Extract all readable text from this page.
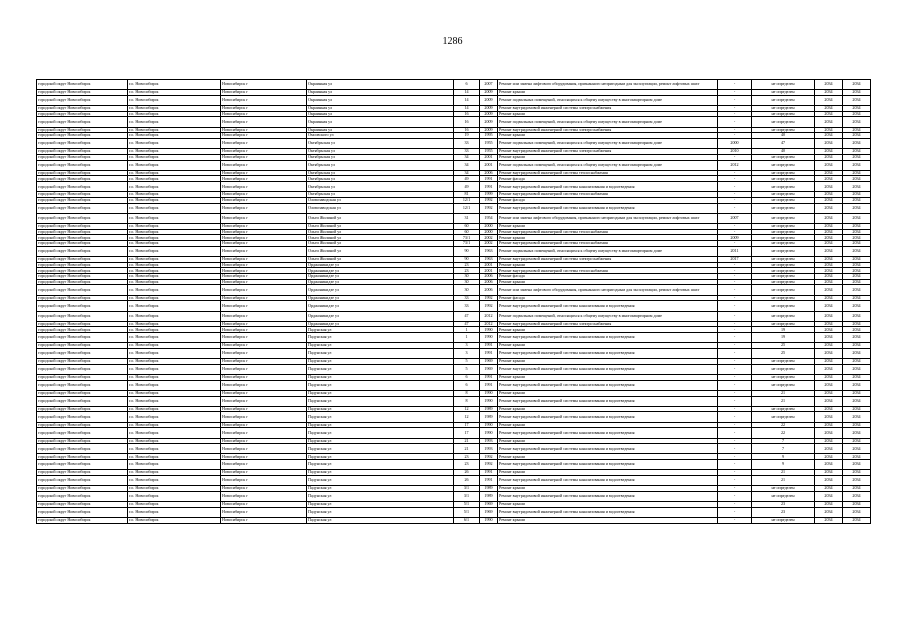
1286
городской округ Новосибирск	г.о. Новосибирск	Новосибирск г	Окраинная ул	6	2007	Ремонт или замена лифтового оборудования, признанного непригодным для эксплуатации, ремонт лифтовых шахт	-	не определен	2034	2034
городской округ Новосибирск	г.о. Новосибирск	Новосибирск г	Окраинная ул	14	2009	Ремонт крыши	-	не определен	2034	2034
городской округ Новосибирск	г.о. Новосибирск	Новосибирск г	Окраинная ул	14	2009	Ремонт подвальных помещений, относящихся к общему имуществу в многоквартирном доме	-	не определен	2034	2034
городской округ Новосибирск	г.о. Новосибирск	Новосибирск г	Окраинная ул	14	2009	Ремонт внутридомовой инженерной системы электроснабжения	-	не определен	2034	2034
городской округ Новосибирск	г.о. Новосибирск	Новосибирск г	Окраинная ул	16	2009	Ремонт крыши	-	не определен	2034	2034
городской округ Новосибирск	г.о. Новосибирск	Новосибирск г	Окраинная ул	16	2009	Ремонт подвальных помещений, относящихся к общему имуществу в многоквартирном доме	-	не определен	2034	2034
городской округ Новосибирск	г.о. Новосибирск	Новосибирск г	Окраинная ул	16	2009	Ремонт внутридомовой инженерной системы электроснабжения	-	не определен	2034	2034
городской округ Новосибирск	г.о. Новосибирск	Новосибирск г	Омсовского ул	19	1995	Ремонт крыши	-	40	2034	2034
городской округ Новосибирск	г.о. Новосибирск	Новосибирск г	Октябрьская ул	33	1955	Ремонт подвальных помещений, относящихся к общему имуществу в многоквартирном доме	2000	47	2034	2034
городской округ Новосибирск	г.о. Новосибирск	Новосибирск г	Октябрьская ул	33	1955	Ремонт внутридомовой инженерной системы электроснабжения	2010	40	2034	2034
городской округ Новосибирск	г.о. Новосибирск	Новосибирск г	Октябрьская ул	34	2001	Ремонт крыши	-	не определен	2034	2034
городской округ Новосибирск	г.о. Новосибирск	Новосибирск г	Октябрьская ул	34	2001	Ремонт подвальных помещений, относящихся к общему имуществу в многоквартирном доме	2012	не определен	2034	2034
городской округ Новосибирск	г.о. Новосибирск	Новосибирск г	Октябрьская ул	34	2006	Ремонт внутридомовой инженерной системы теплоснабжения	-	не определен	2034	2034
городской округ Новосибирск	г.о. Новосибирск	Новосибирск г	Октябрьская ул	49	1991	Ремонт фасада	-	не определен	2034	2034
городской округ Новосибирск	г.о. Новосибирск	Новосибирск г	Октябрьская ул	49	1991	Ремонт внутридомовой инженерной системы канализования и водоотведения	-	не определен	2034	2034
городской округ Новосибирск	г.о. Новосибирск	Новосибирск г	Октябрьская ул	81	1999	Ремонт внутридомовой инженерной системы теплоснабжения	-	не определен	2034	2034
городской округ Новосибирск	г.о. Новосибирск	Новосибирск г	Оловозаводская ул	12/1	1992	Ремонт фасада	-	не определен	2034	2034
городской округ Новосибирск	г.о. Новосибирск	Новосибирск г	Оловозаводская ул	12/1	1992	Ремонт внутридомовой инженерной системы канализования и водоотведения	-	не определен	2034	2034
городской округ Новосибирск	г.о. Новосибирск	Новосибирск г	Ольги Жилиной ул	31	1954	Ремонт или замена лифтового оборудования, признанного непригодным для эксплуатации, ремонт лифтовых шахт	2007	не определен	2034	2034
городской округ Новосибирск	г.о. Новосибирск	Новосибирск г	Ольги Жилиной ул	60	2000	Ремонт крыши	-	не определен	2034	2034
городской округ Новосибирск	г.о. Новосибирск	Новосибирск г	Ольги Жилиной ул	60	2000	Ремонт внутридомовой инженерной системы теплоснабжения	-	не определен	2034	2034
городской округ Новосибирск	г.о. Новосибирск	Новосибирск г	Ольги Жилиной ул	73/1	2002	Ремонт крыши	2009	не определен	2034	2034
городской округ Новосибирск	г.о. Новосибирск	Новосибирск г	Ольги Жилиной ул	73/1	2002	Ремонт внутридомовой инженерной системы теплоснабжения	-	не определен	2034	2034
городской округ Новосибирск	г.о. Новосибирск	Новосибирск г	Ольги Жилиной ул	90	1963	Ремонт подвальных помещений, относящихся к общему имуществу в многоквартирном доме	2011	не определен	2034	2034
городской округ Новосибирск	г.о. Новосибирск	Новосибирск г	Ольги Жилиной ул	90	1963	Ремонт внутридомовой инженерной системы электроснабжения	2017	не определен	2034	2034
городской округ Новосибирск	г.о. Новосибирск	Новосибирск г	Орджоникидзе ул	23	2001	Ремонт крыши	-	не определен	2034	2034
городской округ Новосибирск	г.о. Новосибирск	Новосибирск г	Орджоникидзе ул	23	2001	Ремонт внутридомовой инженерной системы теплоснабжения	-	не определен	2034	2034
городской округ Новосибирск	г.о. Новосибирск	Новосибирск г	Орджоникидзе ул	30	2006	Ремонт фасада	-	не определен	2034	2034
городской округ Новосибирск	г.о. Новосибирск	Новосибирск г	Орджоникидзе ул	30	2006	Ремонт крыши	-	не определен	2034	2034
городской округ Новосибирск	г.о. Новосибирск	Новосибирск г	Орджоникидзе ул	30	2006	Ремонт или замена лифтового оборудования, признанного непригодным для эксплуатации, ремонт лифтовых шахт	-	не определен	2034	2034
городской округ Новосибирск	г.о. Новосибирск	Новосибирск г	Орджоникидзе ул	33	1992	Ремонт фасада	-	не определен	2034	2034
городской округ Новосибирск	г.о. Новосибирск	Новосибирск г	Орджоникидзе ул	33	1992	Ремонт внутридомовой инженерной системы канализования и водоотведения	-	не определен	2034	2034
городской округ Новосибирск	г.о. Новосибирск	Новосибирск г	Орджоникидзе ул	47	2012	Ремонт подвальных помещений, относящихся к общему имуществу в многоквартирном доме	-	не определен	2034	2034
городской округ Новосибирск	г.о. Новосибирск	Новосибирск г	Орджоникидзе ул	47	2012	Ремонт внутридомовой инженерной системы электроснабжения	-	не определен	2034	2034
городской округ Новосибирск	г.о. Новосибирск	Новосибирск г	Падунская ул	1	1990	Ремонт крыши	-	19	2034	2034
городской округ Новосибирск	г.о. Новосибирск	Новосибирск г	Падунская ул	1	1990	Ремонт внутридомовой инженерной системы канализования и водоотведения	-	19	2034	2034
городской округ Новосибирск	г.о. Новосибирск	Новосибирск г	Падунская ул	3	1991	Ремонт крыши	-	25	2034	2034
городской округ Новосибирск	г.о. Новосибирск	Новосибирск г	Падунская ул	3	1991	Ремонт внутридомовой инженерной системы канализования и водоотведения	-	25	2034	2034
городской округ Новосибирск	г.о. Новосибирск	Новосибирск г	Падунская ул	5	1969	Ремонт крыши	-	не определен	2034	2034
городской округ Новосибирск	г.о. Новосибирск	Новосибирск г	Падунская ул	5	1969	Ремонт внутридомовой инженерной системы канализования и водоотведения	-	не определен	2034	2034
городской округ Новосибирск	г.о. Новосибирск	Новосибирск г	Падунская ул	6	1991	Ремонт крыши	-	не определен	2034	2034
городской округ Новосибирск	г.о. Новосибирск	Новосибирск г	Падунская ул	6	1991	Ремонт внутридомовой инженерной системы канализования и водоотведения	-	не определен	2034	2034
городской округ Новосибирск	г.о. Новосибирск	Новосибирск г	Падунская ул	8	1990	Ремонт крыши	-	21	2034	2034
городской округ Новосибирск	г.о. Новосибирск	Новосибирск г	Падунская ул	8	1990	Ремонт внутридомовой инженерной системы канализования и водоотведения	-	21	2034	2034
городской округ Новосибирск	г.о. Новосибирск	Новосибирск г	Падунская ул	12	1989	Ремонт крыши	-	не определен	2034	2034
городской округ Новосибирск	г.о. Новосибирск	Новосибирск г	Падунская ул	12	1989	Ремонт внутридомовой инженерной системы канализования и водоотведения	-	не определен	2034	2034
городской округ Новосибирск	г.о. Новосибирск	Новосибирск г	Падунская ул	17	1990	Ремонт крыши	-	22	2034	2034
городской округ Новосибирск	г.о. Новосибирск	Новосибирск г	Падунская ул	17	1990	Ремонт внутридомовой инженерной системы канализования и водоотведения	-	22	2034	2034
городской округ Новосибирск	г.о. Новосибирск	Новосибирск г	Падунская ул	21	1993	Ремонт крыши	-	7	2034	2034
городской округ Новосибирск	г.о. Новосибирск	Новосибирск г	Падунская ул	21	1993	Ремонт внутридомовой инженерной системы канализования и водоотведения	-	7	2034	2034
городской округ Новосибирск	г.о. Новосибирск	Новосибирск г	Падунская ул	23	1992	Ремонт крыши	-	9	2034	2034
городской округ Новосибирск	г.о. Новосибирск	Новосибирск г	Падунская ул	23	1992	Ремонт внутридомовой инженерной системы канализования и водоотведения	-	9	2034	2034
городской округ Новосибирск	г.о. Новосибирск	Новосибирск г	Падунская ул	26	1991	Ремонт крыши	-	21	2034	2034
городской округ Новосибирск	г.о. Новосибирск	Новосибирск г	Падунская ул	26	1991	Ремонт внутридомовой инженерной системы канализования и водоотведения	-	21	2034	2034
городской округ Новосибирск	г.о. Новосибирск	Новосибирск г	Падунская ул	3/1	1989	Ремонт крыши	-	не определен	2034	2034
городской округ Новосибирск	г.о. Новосибирск	Новосибирск г	Падунская ул	3/1	1989	Ремонт внутридомовой инженерной системы канализования и водоотведения	-	не определен	2034	2034
городской округ Новосибирск	г.о. Новосибирск	Новосибирск г	Падунская ул	5/1	1969	Ремонт крыши	-	23	2034	2034
городской округ Новосибирск	г.о. Новосибирск	Новосибирск г	Падунская ул	5/1	1969	Ремонт внутридомовой инженерной системы канализования и водоотведения	-	23	2034	2034
городской округ Новосибирск	г.о. Новосибирск	Новосибирск г	Падунская ул	6/1	1990	Ремонт крыши	-	не определен	2034	2034
